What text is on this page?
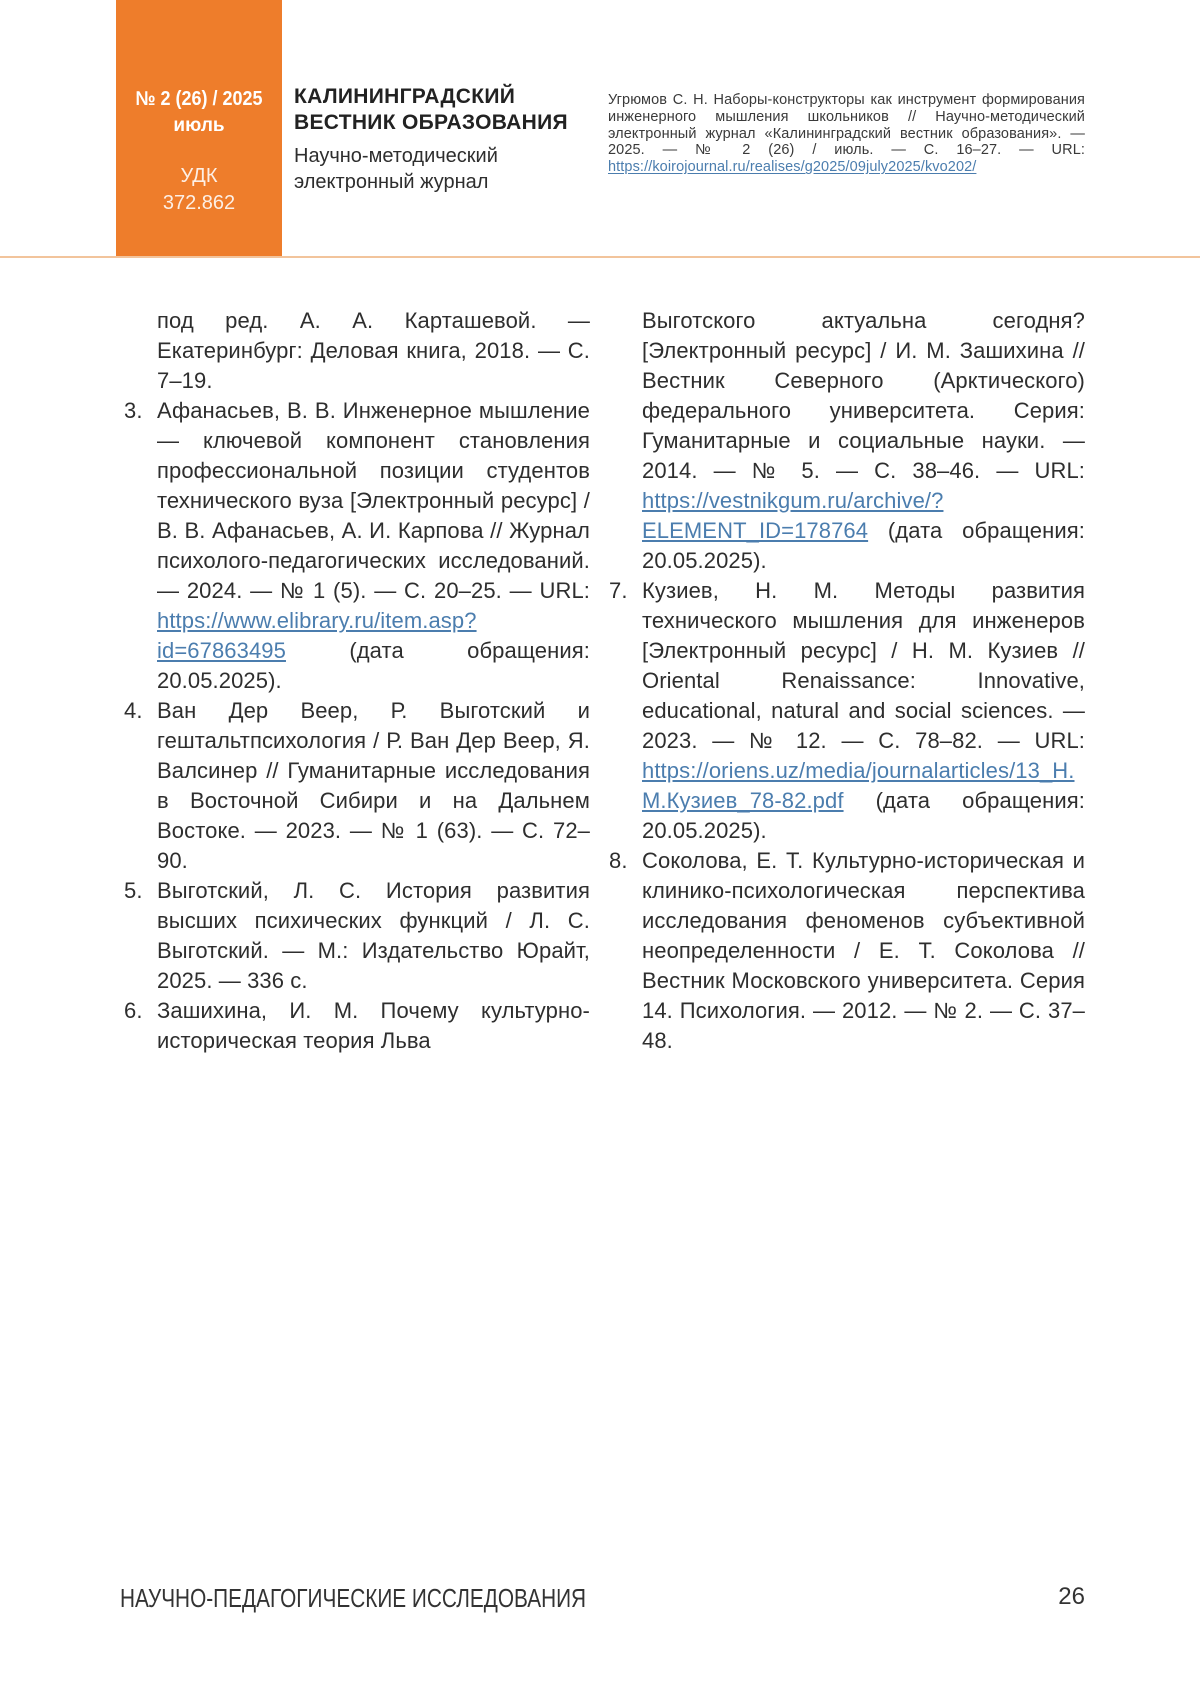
№ 2 (26) / 2025
июль
УДК
372.862
КАЛИНИНГРАДСКИЙ
ВЕСТНИК ОБРАЗОВАНИЯ
Научно-методический
электронный журнал
Угрюмов С. Н. Наборы-конструкторы как инструмент формирования инженерного мышления школьников // Научно-методический электронный журнал «Калининградский вестник образования». — 2025. — № 2 (26) / июль. — С. 16–27. — URL: https://koirojournal.ru/realises/g2025/09july2025/kvo202/

под ред. А. А. Карташевой. — Екатеринбург: Деловая книга, 2018. — С. 7–19.

3. Афанасьев, В. В. Инженерное мышление — ключевой компонент становления профессиональной позиции студентов технического вуза [Электронный ресурс] / В. В. Афанасьев, А. И. Карпова // Журнал психолого-педагогических исследований. — 2024. — № 1 (5). — С. 20–25. — URL: https://www.elibrary.ru/item.asp?id=67863495 (дата обращения: 20.05.2025).

4. Ван Дер Веер, Р. Выготский и гештальтпсихология / Р. Ван Дер Веер, Я. Валсинер // Гуманитарные исследования в Восточной Сибири и на Дальнем Востоке. — 2023. — № 1 (63). — С. 72–90.

5. Выготский, Л. С. История развития высших психических функций / Л. С. Выготский. — М.: Издательство Юрайт, 2025. — 336 с.

6. Зашихина, И. М. Почему культурно-историческая теория Льва

Выготского актуальна сегодня? [Электронный ресурс] / И. М. Зашихина // Вестник Северного (Арктического) федерального университета. Серия: Гуманитарные и социальные науки. — 2014. — № 5. — С. 38–46. — URL: https://vestnikgum.ru/archive/?ELEMENT_ID=178764 (дата обращения: 20.05.2025).

7. Кузиев, Н. М. Методы развития технического мышления для инженеров [Электронный ресурс] / Н. М. Кузиев // Oriental Renaissance: Innovative, educational, natural and social sciences. — 2023. — № 12. — С. 78–82. — URL: https://oriens.uz/media/journalarticles/13_Н.М.Кузиев_78-82.pdf (дата обращения: 20.05.2025).

8. Соколова, Е. Т. Культурно-историческая и клинико-психологическая перспектива исследования феноменов субъективной неопределенности / Е. Т. Соколова // Вестник Московского университета. Серия 14. Психология. — 2012. — № 2. — С. 37–48.

НАУЧНО-ПЕДАГОГИЧЕСКИЕ ИССЛЕДОВАНИЯ	26
